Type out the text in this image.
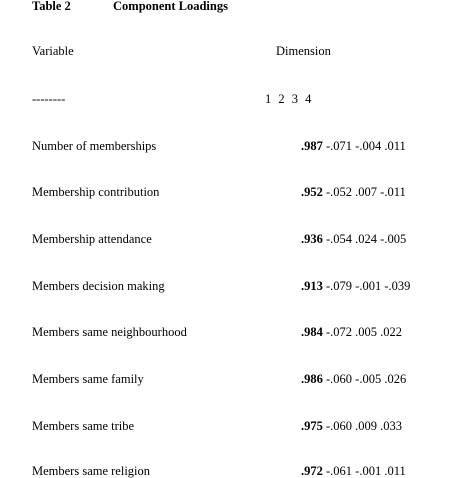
Table 2	Component Loadings
Variable	Dimension
--------	1 2 3 4
Number of memberships	.987 -.071 -.004 .011
Membership contribution	.952 -.052 .007 -.011
Membership attendance	.936 -.054 .024 -.005
Members decision making	.913 -.079 -.001 -.039
Members same neighbourhood	.984 -.072 .005 .022
Members same family	.986 -.060 -.005 .026
Members same tribe	.975 -.060 .009 .033
Members same religion	.972 -.061 -.001 .011
